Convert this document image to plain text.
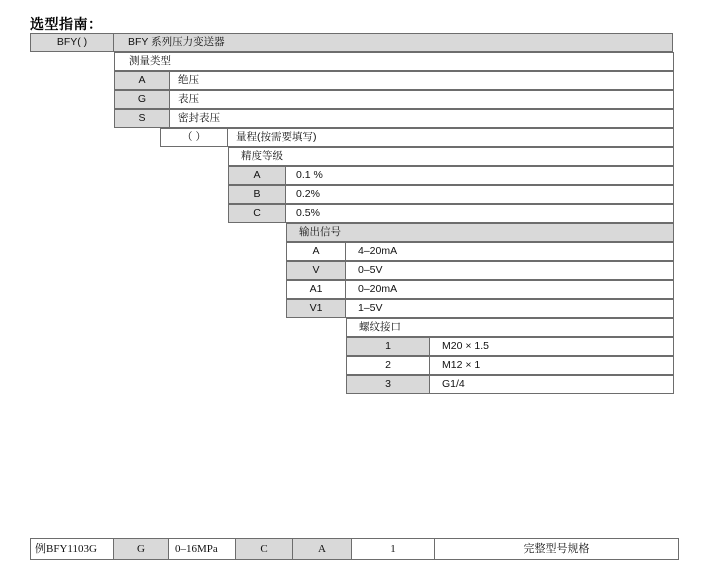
选型指南：
BFY( )	BFY 系列压力变送器
测量类型
A	绝压
G	表压
S	密封表压
（ ）	量程(按需要填写)
精度等级
A	0.1 %
B	0.2%
C	0.5%
输出信号
A	4–20mA
V	0–5V
A1	0–20mA
V1	1–5V
螺纹接口
1	M20 × 1.5
2	M12 × 1
3	G1/4
例BFY1103G	G	0–16MPa	C	A	1	完整型号规格
